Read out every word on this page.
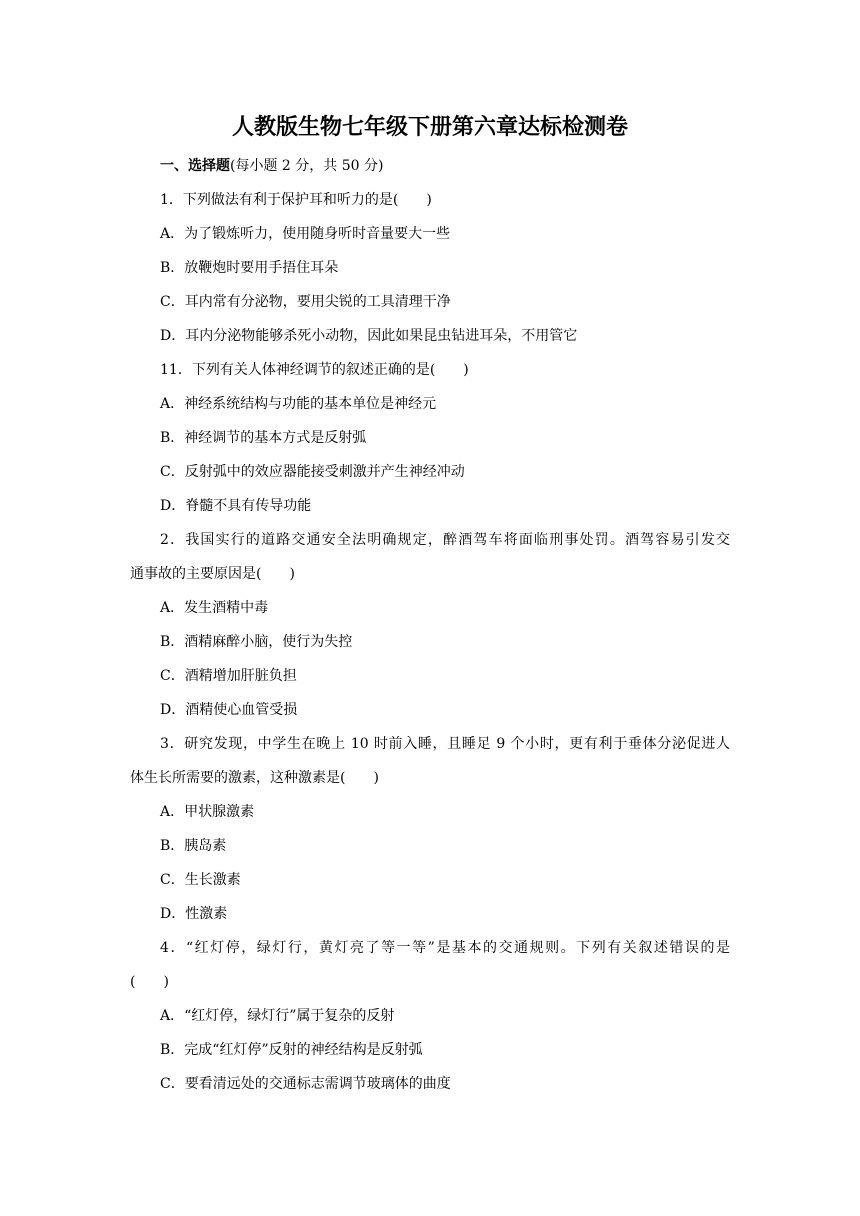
人教版生物七年级下册第六章达标检测卷
一、选择题(每小题 2 分，共 50 分)
1．下列做法有利于保护耳和听力的是( )
A．为了锻炼听力，使用随身听时音量要大一些
B．放鞭炮时要用手捂住耳朵
C．耳内常有分泌物，要用尖锐的工具清理干净
D．耳内分泌物能够杀死小动物，因此如果昆虫钻进耳朵，不用管它
11．下列有关人体神经调节的叙述正确的是( )
A．神经系统结构与功能的基本单位是神经元
B．神经调节的基本方式是反射弧
C．反射弧中的效应器能接受刺激并产生神经冲动
D．脊髓不具有传导功能
2．我国实行的道路交通安全法明确规定，醉酒驾车将面临刑事处罚。酒驾容易引发交
通事故的主要原因是( )
A．发生酒精中毒
B．酒精麻醉小脑，使行为失控
C．酒精增加肝脏负担
D．酒精使心血管受损
3．研究发现，中学生在晚上 10 时前入睡，且睡足 9 个小时，更有利于垂体分泌促进人
体生长所需要的激素，这种激素是( )
A．甲状腺激素
B．胰岛素
C．生长激素
D．性激素
4．“红灯停，绿灯行，黄灯亮了等一等”是基本的交通规则。下列有关叙述错误的是
( )
A．“红灯停，绿灯行”属于复杂的反射
B．完成“红灯停”反射的神经结构是反射弧
C．要看清远处的交通标志需调节玻璃体的曲度
